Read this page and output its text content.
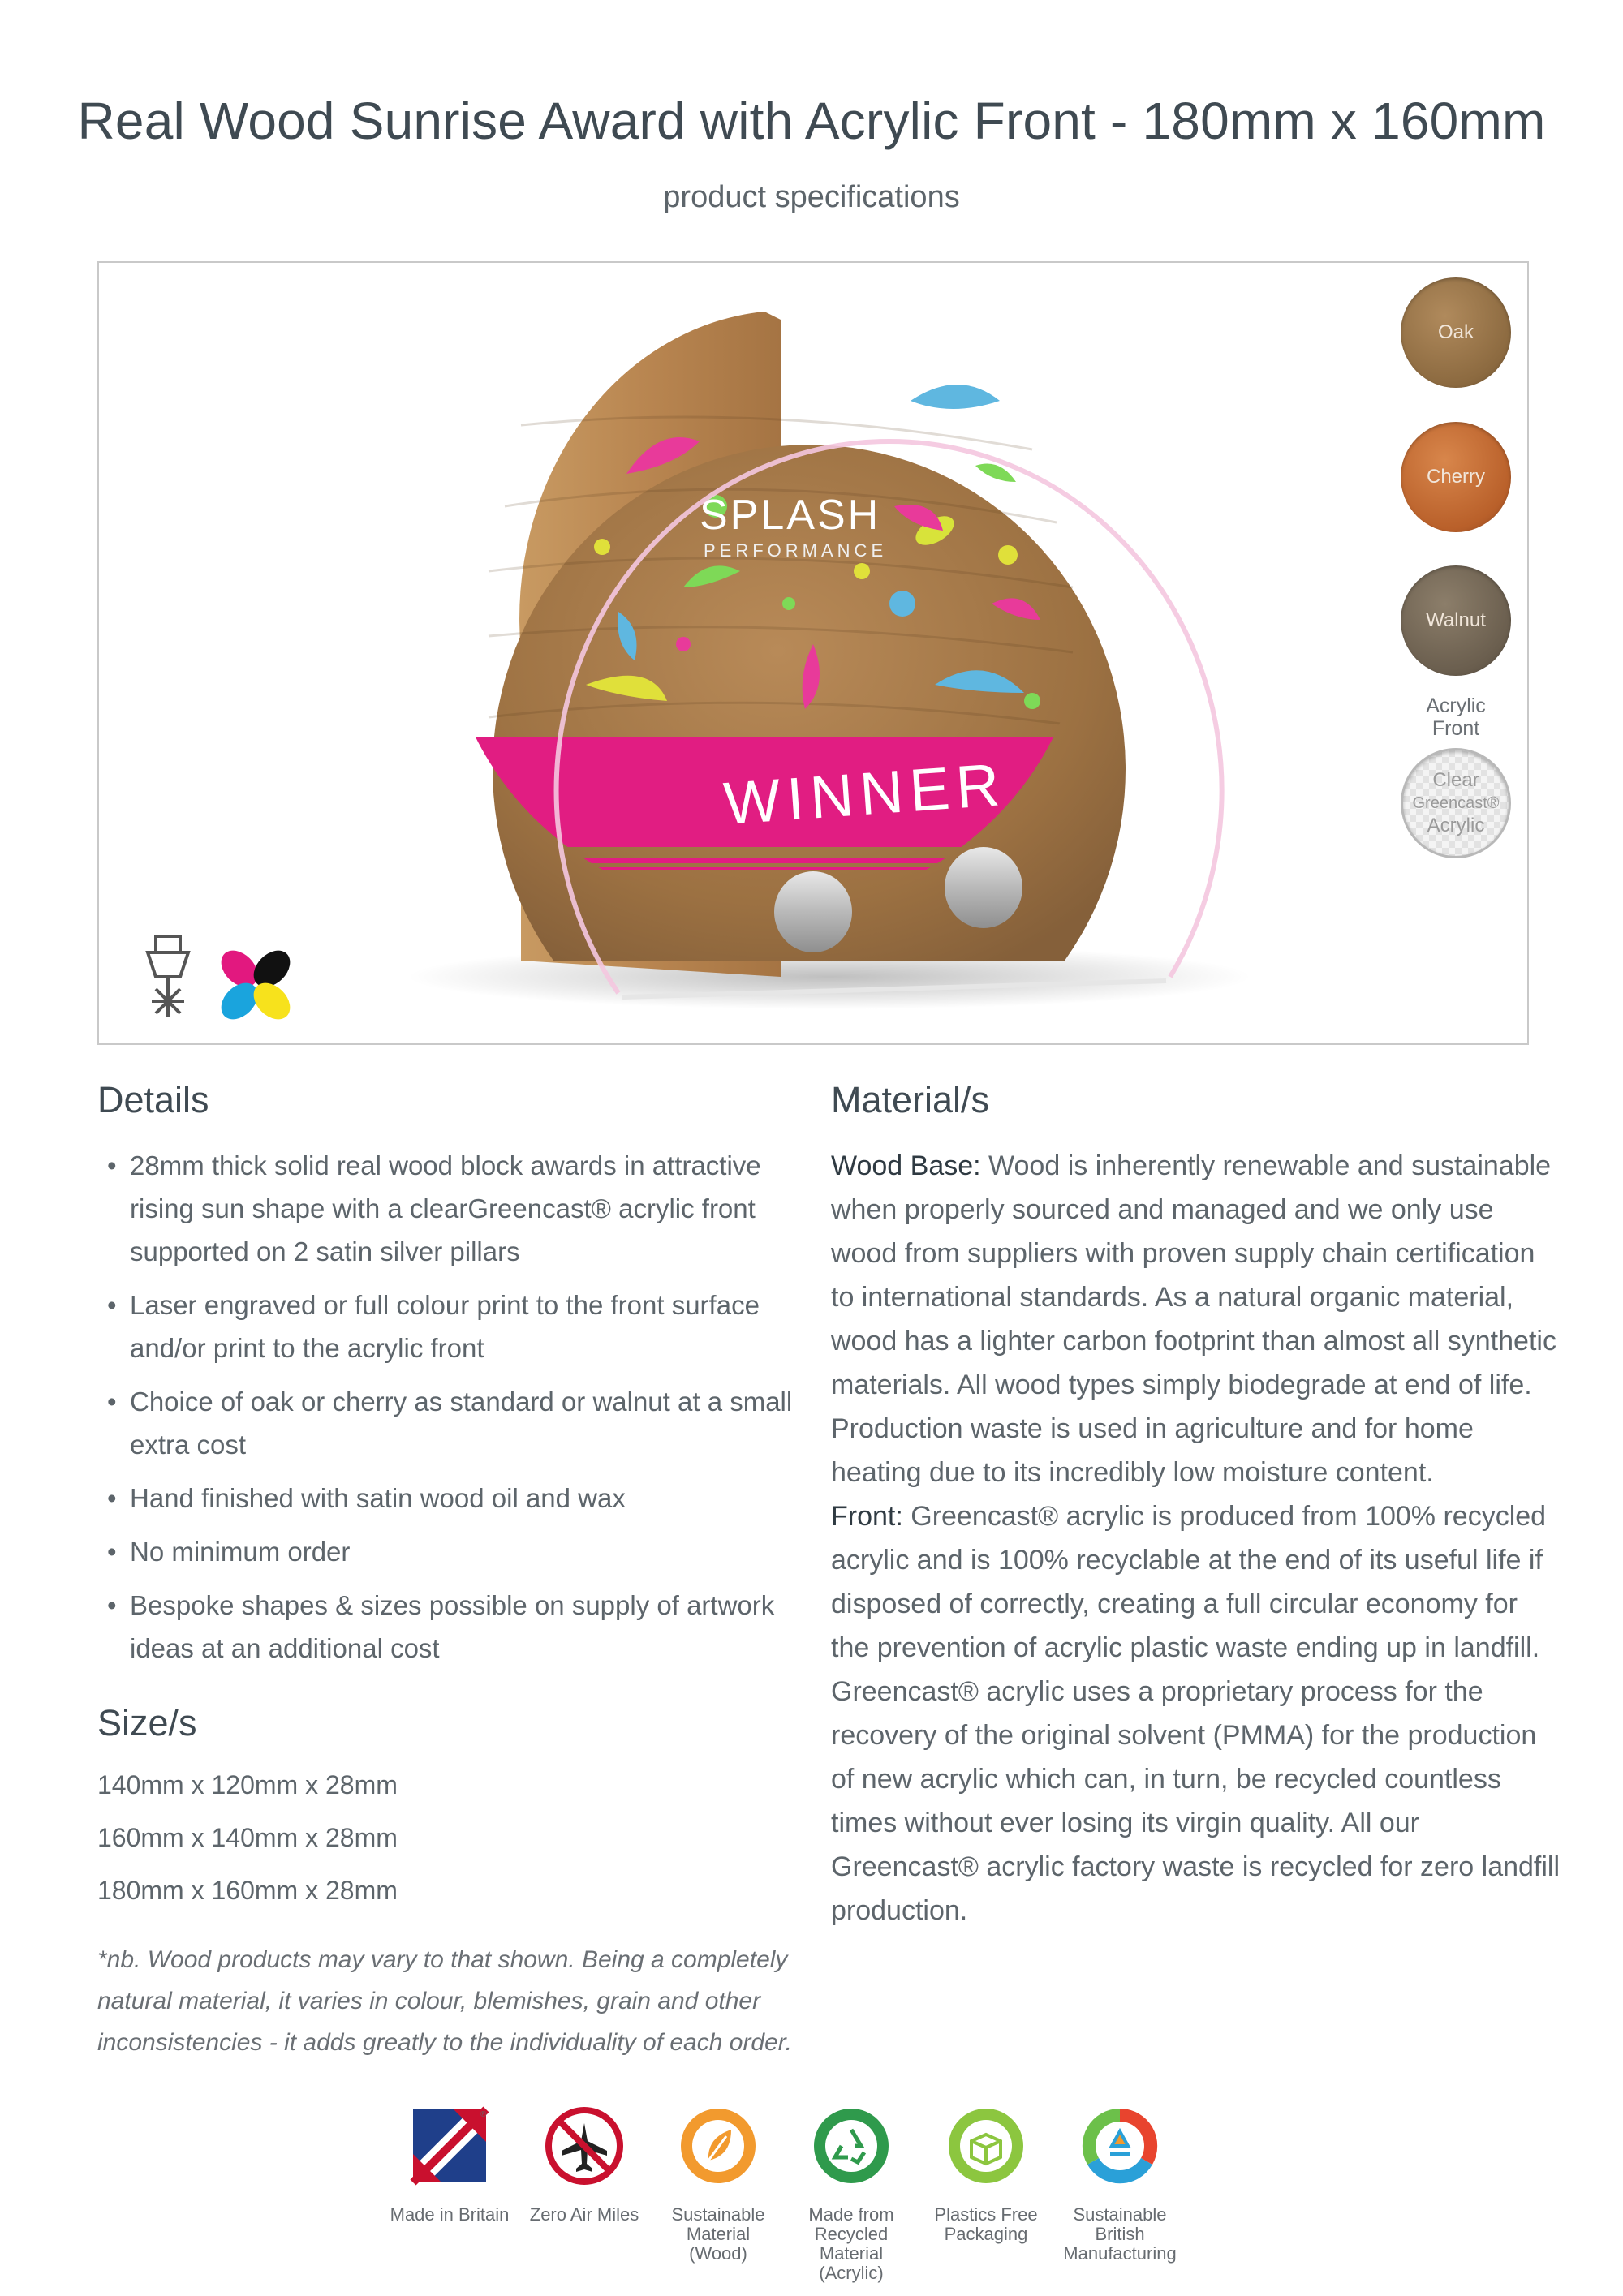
Real Wood Sunrise Award with Acrylic Front - 180mm x 160mm
product specifications
SPLASH
PERFORMANCE
WINNER
Oak
Cherry
Walnut
Acrylic
Front
Clear
Greencast®
Acrylic
Details
• 28mm thick solid real wood block awards in attractive rising sun shape with a clearGreencast® acrylic front supported on 2 satin silver pillars
• Laser engraved or full colour print to the front surface and/or print to the acrylic front
• Choice of oak or cherry as standard or walnut at a small extra cost
• Hand finished with satin wood oil and wax
• No minimum order
• Bespoke shapes & sizes possible on supply of artwork ideas at an additional cost
Size/s
140mm x 120mm x 28mm
160mm x 140mm x 28mm
180mm x 160mm x 28mm
*nb. Wood products may vary to that shown. Being a completely natural material, it varies in colour, blemishes, grain and other inconsistencies - it adds greatly to the individuality of each order.
Material/s

Wood Base: Wood is inherently renewable and sustainable when properly sourced and managed and we only use wood from suppliers with proven supply chain certification to international standards. As a natural organic material, wood has a lighter carbon footprint than almost all synthetic materials. All wood types simply biodegrade at end of life. Production waste is used in agriculture and for home heating due to its incredibly low moisture content.

Front: Greencast® acrylic is produced from 100% recycled acrylic and is 100% recyclable at the end of its useful life if disposed of correctly, creating a full circular economy for the prevention of acrylic plastic waste ending up in landfill. Greencast® acrylic uses a proprietary process for the recovery of the original solvent (PMMA) for the production of new acrylic which can, in turn, be recycled countless times without ever losing its virgin quality. All our Greencast® acrylic factory waste is recycled for zero landfill production.

®
Made in Britain	Zero Air Miles	Sustainable Material (Wood)
Made from Recycled Material (Acrylic)
Plastics Free Packaging
Sustainable British Manufacturing
